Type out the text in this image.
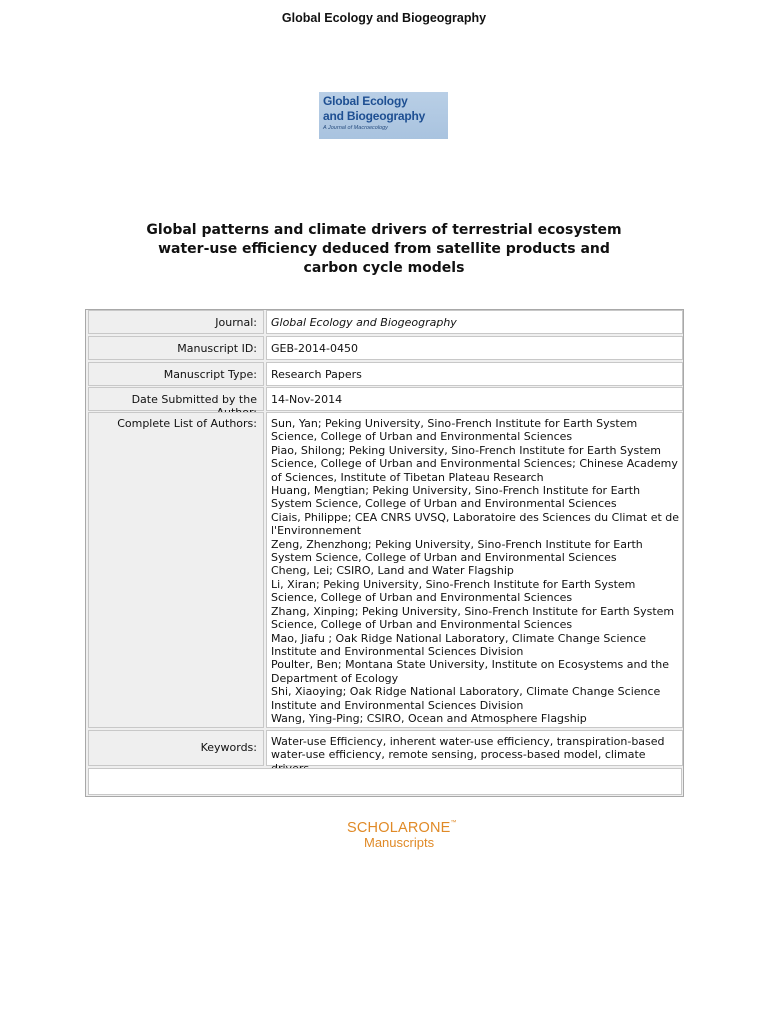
Global Ecology and Biogeography
Global Ecology
and Biogeography
A Journal of Macroecology
Global patterns and climate drivers of terrestrial ecosystem
water-use efficiency deduced from satellite products and
carbon cycle models
Journal:	Global Ecology and Biogeography
Manuscript ID:	GEB-2014-0450
Manuscript Type:	Research Papers
Date Submitted by the	14-Nov-2014
Complete List of Authors:	Sun, Yan; Peking University, Sino-French Institute for Earth System
Science, College of Urban and Environmental Sciences
Piao, Shilong; Peking University, Sino-French Institute for Earth System
Science, College of Urban and Environmental Sciences; Chinese Academy
of Sciences, Institute of Tibetan Plateau Research
Huang, Mengtian; Peking University, Sino-French Institute for Earth
System Science, College of Urban and Environmental Sciences
Ciais, Philippe; CEA CNRS UVSQ, Laboratoire des Sciences du Climat et de
l'Environnement
Zeng, Zhenzhong; Peking University, Sino-French Institute for Earth
System Science, College of Urban and Environmental Sciences
Cheng, Lei; CSIRO, Land and Water Flagship
Li, Xiran; Peking University, Sino-French Institute for Earth System
Science, College of Urban and Environmental Sciences
Zhang, Xinping; Peking University, Sino-French Institute for Earth System
Science, College of Urban and Environmental Sciences
Mao, Jiafu ; Oak Ridge National Laboratory, Climate Change Science
Institute and Environmental Sciences Division
Poulter, Ben; Montana State University, Institute on Ecosystems and the
Department of Ecology
Shi, Xiaoying; Oak Ridge National Laboratory, Climate Change Science
Institute and Environmental Sciences Division
Wang, Ying-Ping; CSIRO, Ocean and Atmosphere Flagship
Keywords:	Water-use Efficiency, inherent water-use efficiency, transpiration-based
water-use efficiency, remote sensing, process-based model, climate
SCHOLARONE™
Manuscripts
